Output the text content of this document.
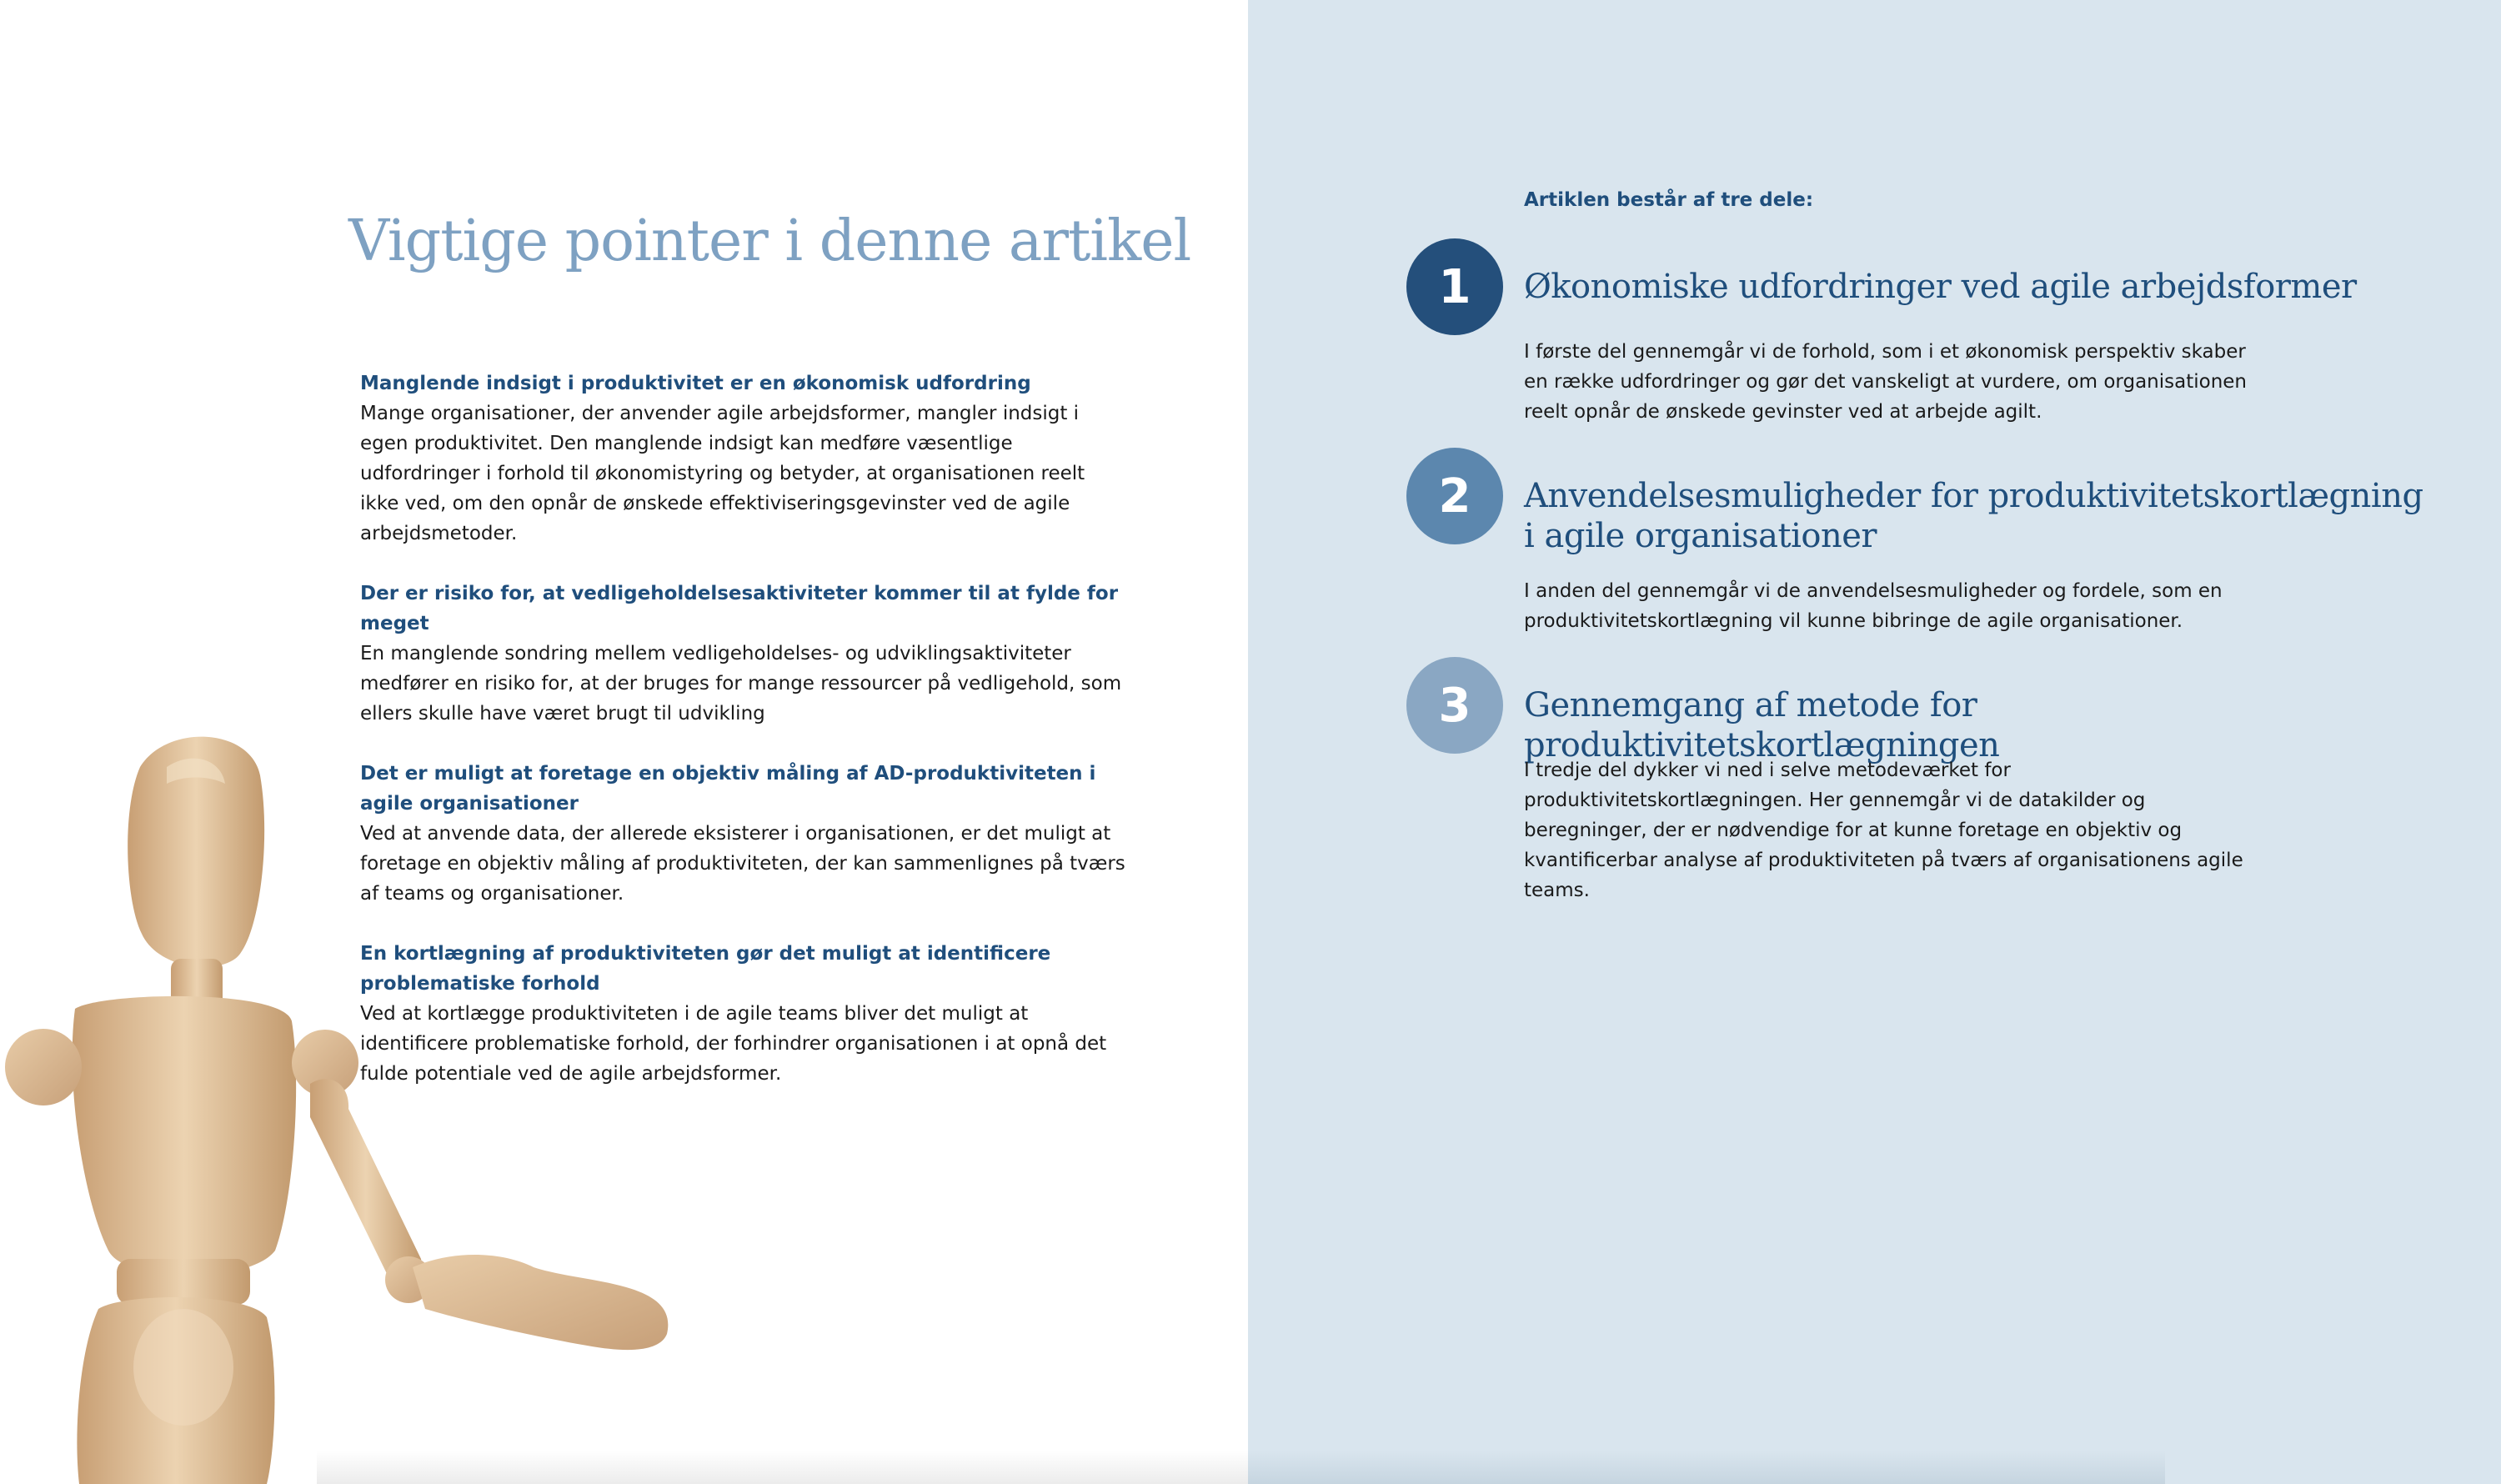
Vigtige pointer i denne artikel

Manglende indsigt i produktivitet er en økonomisk udfordring

Mange organisationer, der anvender agile arbejdsformer, mangler indsigt i egen produktivitet. Den manglende indsigt kan medføre væsentlige udfordringer i forhold til økonomistyring og betyder, at organisationen reelt ikke ved, om den opnår de ønskede effektiviseringsgevinster ved de agile arbejdsmetoder.

Der er risiko for, at vedligeholdelsesaktiviteter kommer til at fylde for meget

En manglende sondring mellem vedligeholdelses- og udviklingsaktiviteter medfører en risiko for, at der bruges for mange ressourcer på vedligehold, som ellers skulle have været brugt til udvikling

Det er muligt at foretage en objektiv måling af AD-produktiviteten i agile organisationer

Ved at anvende data, der allerede eksisterer i organisationen, er det muligt at foretage en objektiv måling af produktiviteten, der kan sammenlignes på tværs af teams og organisationer.

En kortlægning af produktiviteten gør det muligt at identificere problematiske forhold

Ved at kortlægge produktiviteten i de agile teams bliver det muligt at identificere problematiske forhold, der forhindrer organisationen i at opnå det fulde potentiale ved de agile arbejdsformer.

Artiklen består af tre dele:

1	Økonomiske udfordringer ved agile arbejdsformer

I første del gennemgår vi de forhold, som i et økonomisk perspektiv skaber en række udfordringer og gør det vanskeligt at vurdere, om organisationen reelt opnår de ønskede gevinster ved at arbejde agilt.

2	Anvendelsesmuligheder for produktivitetskortlægning i agile organisationer

I anden del gennemgår vi de anvendelsesmuligheder og fordele, som en produktivitetskortlægning vil kunne bibringe de agile organisationer.

3	Gennemgang af metode for produktivitetskortlægningen

I tredje del dykker vi ned i selve metodeværket for produktivitetskortlægningen. Her gennemgår vi de datakilder og beregninger, der er nødvendige for at kunne foretage en objektiv og kvantificerbar analyse af produktiviteten på tværs af organisationens agile teams.
